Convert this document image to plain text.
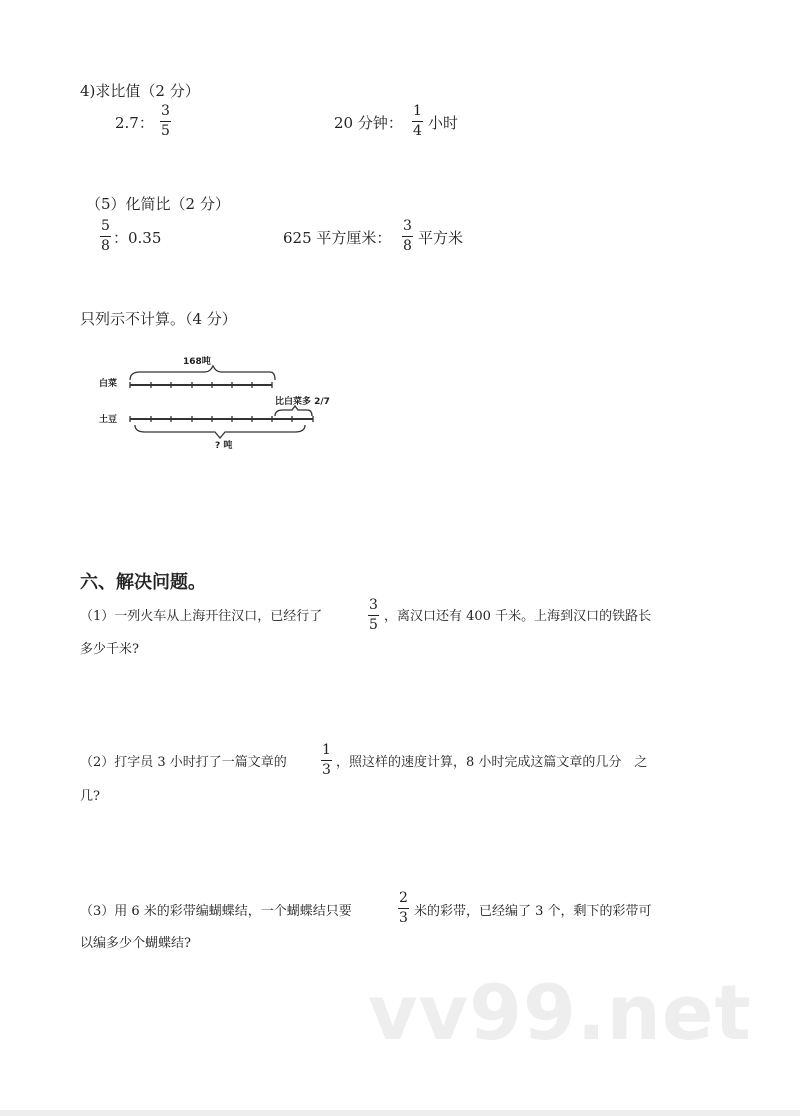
4)求比值（2 分）
2.7：
3
5	20 分钟：
1
4 小时
（5）化简比（2 分）
5
8 ：0.35	625 平方厘米：
3
8 平方米
只列示不计算。（4 分）
白菜
土豆
168吨
比白菜多 2/7
? 吨
六、解决问题。
（1）一列火车从上海开往汉口，已经行了
3
5
，离汉口还有 400 千米。上海到汉口的铁路长
多少千米?
（2）打字员 3 小时打了一篇文章的
1
3 ，照这样的速度计算，8 小时完成这篇文章的几分　之
几?
（3）用 6 米的彩带编蝴蝶结，一个蝴蝶结只要
2
3 米的彩带，已经编了 3 个，剩下的彩带可
以编多少个蝴蝶结?
vv99.net
